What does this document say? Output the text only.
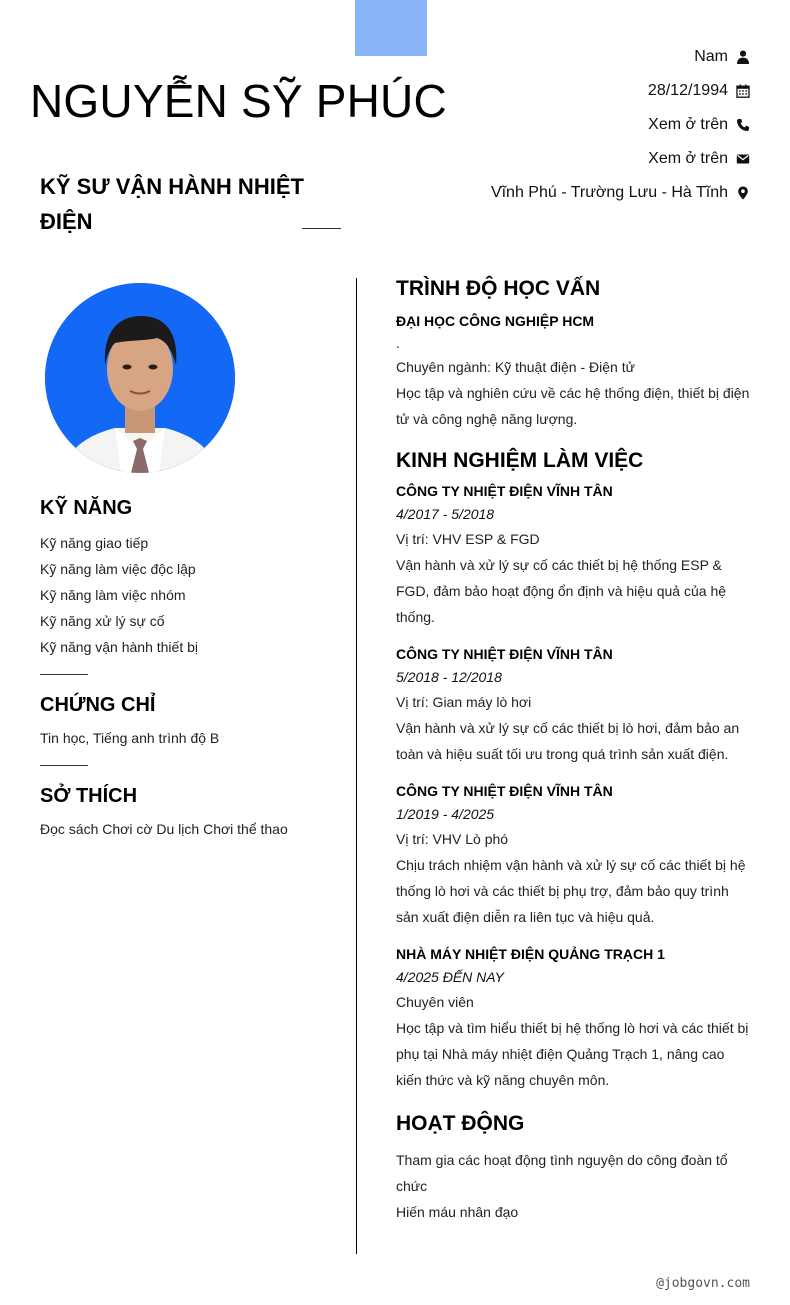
NGUYỄN SỸ PHÚC
Nam
28/12/1994
Xem ở trên
Xem ở trên
Vĩnh Phú - Trường Lưu - Hà Tĩnh
KỸ SƯ VẬN HÀNH NHIỆT ĐIỆN
KỸ NĂNG
Kỹ năng giao tiếp
Kỹ năng làm việc độc lập
Kỹ năng làm việc nhóm
Kỹ năng xử lý sự cố
Kỹ năng vận hành thiết bị
CHỨNG CHỈ
Tin học, Tiếng anh trình độ B
SỞ THÍCH
Đọc sách Chơi cờ Du lịch Chơi thể thao
TRÌNH ĐỘ HỌC VẤN
ĐẠI HỌC CÔNG NGHIỆP HCM
.
Chuyên ngành: Kỹ thuật điện - Điện tử
Học tập và nghiên cứu về các hệ thống điện, thiết bị điện tử và công nghệ năng lượng.
KINH NGHIỆM LÀM VIỆC
CÔNG TY NHIỆT ĐIỆN VĨNH TÂN
4/2017 - 5/2018
Vị trí: VHV ESP & FGD
Vận hành và xử lý sự cố các thiết bị hệ thống ESP & FGD, đảm bảo hoạt động ổn định và hiệu quả của hệ thống.
CÔNG TY NHIỆT ĐIỆN VĨNH TÂN
5/2018 - 12/2018
Vị trí: Gian máy lò hơi
Vận hành và xử lý sự cố các thiết bị lò hơi, đảm bảo an toàn và hiệu suất tối ưu trong quá trình sản xuất điện.
CÔNG TY NHIỆT ĐIỆN VĨNH TÂN
1/2019 - 4/2025
Vị trí: VHV Lò phó
Chịu trách nhiệm vận hành và xử lý sự cố các thiết bị hệ thống lò hơi và các thiết bị phụ trợ, đảm bảo quy trình sản xuất điện diễn ra liên tục và hiệu quả.
NHÀ MÁY NHIỆT ĐIỆN QUẢNG TRẠCH 1
4/2025 ĐẾN NAY
Chuyên viên
Học tập và tìm hiểu thiết bị hệ thống lò hơi và các thiết bị phụ tại Nhà máy nhiệt điện Quảng Trạch 1, nâng cao kiến thức và kỹ năng chuyên môn.
HOẠT ĐỘNG
Tham gia các hoạt động tình nguyện do công đoàn tổ chức
Hiến máu nhân đạo
@jobgovn.com
